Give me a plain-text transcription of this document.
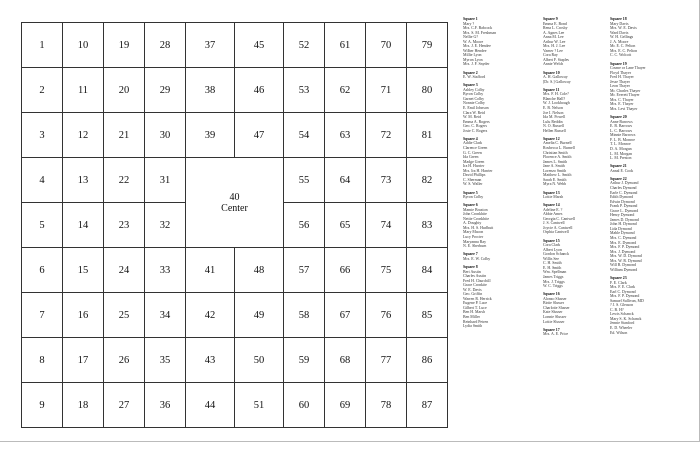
1
2
3
4
5
6
7
8
9
10
11
12
13
14
15
16
17
18
19
20
21
22
23
24
25
26
27
28
29
30
31
32
33
34
35
36
37
38
39
41
42
43
44
45
46
47
48
49
50
51
52
53
54
55
56
57
58
59
60
61
62
63
64
65
66
67
68
69
70
71
72
73
74
75
76
77
78
79
80
81
82
83
84
85
86
87
40
Center
Square 1
Mary ?
Mrs. C.F. Babcock
Mrs. S. M. Freshman
Nellie G?
W. A. Moore
Mrs. J. E. Hendee
Wilber Hendee
Millie Lyon
Myron Lyon
Mrs. J. F. Snyder
Square 2
E. W. Stafford
Square 3
Ashley Colby
Byron Colby
Garnet Colby
Nonnie Colby
E. Emil Johnson
Clara W. Reid
W. M. Reid
Emma A. Rogers
Geo. C. Rogers
Josie C. Rogers
Square 4
Addie Clark
Clarence Green
G. C. Green
Ida Green
Madge Green
Ira H. Harrier
Mrs. Ira H. Harrier
David Phillips
C. Sherman
W. S. Waller
Square 5
Byron Colby
Square 6
Mamie Braxton
John Cronkhite
Nettie Cronkhite
A. Doughty
Mrs. H. S. Hurlbutt
Mary Macon
Lucy Procter
Maryanna Ray
N. E. Sherburn
Square 7
Mrs. E. W. Colby
Square 8
Bert Austin
Charles Austin
Fred H. Churchill
Grace Cronkite
W. E. Davis
Geo. Griffin
Warren R. Herrick
Eugene P. Luce
Gilbert T. Luce
Ben H. Marsh
Ben Miller
Reinhard Petren
Lydia Smith
Square 9
Emma E. Bond
Rena L. Crosby
A. Agnes Lee
Anna M. Lee
Arthur W. Lee
Mrs. H. J. Lee
Varner ? Lee
Cora Ray
Albert F. Staples
Annie Welch
Square 10
A. H. Galloway
[Dr. S.] Galloway
Square 11
Mrs. F. H. Cole?
Blanche Hall?
W. J. Lookhough
E. B. Nelson
Joe I. Nelson
Ida M. Powell
Lulu Reddin
N. O. Russell
Hellen Russell
Square 12
Amelia C. Burnell
Rosbecca L. Burnell
Christian Smith
Florence A. Smith
James L. Smith
Jane A. Smith
Lorenzo Smith
Matthew L. Smith
Sarah E. Smith
Myra N. Webb
Square 13
Lottie Marsh
Square 14
Adeline E. ?
Abbie Ames
Georgia C. Cantwell
J. S. Cantwell
Joycie A. Cantwell
Orphia Cantwell
Square 15
Cora Clark
Albert Lyon
Gordon Schanck
Willis See
C. H. Smith
E. H. Smith
Wm. Spellman
James Triggs
Mrs. J. Triggs
W. C. Triggs
Square 16
Alonzo Slusser
Birtie Slusser
Charlotte Slusser
Kate Slusser
Lonnie Slusser
Lottie Slusser
Square 17
Mrs. A. E. Price
Square 18
Mary Davis
Mrs. W. E. Davis
Ward Davis
W. H. Gellings
J. A. Moore
Mr. E. C. Pelton
Mrs. E. C. Pelton
C. C. Wolcott
Square 19
Cosme or Lane Thayer
Floyd Thayer
Fred H. Thayer
Jesse Thayer
Leon Thayer
Mr. Charles Thayer
Mr. Everett Thayer
Mrs. C. Thayer
Mrs. E. Thayer
Mrs. Levi Thayer
Square 20
Anne Barrows
E. B. Barrows
L. C. Barrows
Minnie Barrows
F. L. B. Monroe
T. L. Monroe
D. A. Morgan
L. M. Morgan
L. M. Preston
Square 21
Annal E. Cook
Square 22
Arthur J. Dymond
Charles Dymond
Earle C. Dymond
Edith Dymond
Edwin Dymond
Frank P. Dymond
Grace L. Dymond
Henry Dymond
James D. Dymond
John H. Dymond
Lida Dymond
Mable Dymond
Mrs. C. Dymond
Mrs. E. Dymond
Mrs. F. P. Dymond
Mrs. J. Dymond
Mrs. W. D. Dymond
Mrs. W. R. Dymond
Will B. Dymond
William Dymond
Square 23
F. E. Clark
Mrs. F. E. Clark
Earl C. Dymond
Mrs. F. P. Dymond
Samuel Sullivan, MD
? J. S. Gleason
C. B. H?
Lewis Schanck
Mary S. K. Schanck
Jennie Stanford
E. D. Wheeler
Ed. Wilson
